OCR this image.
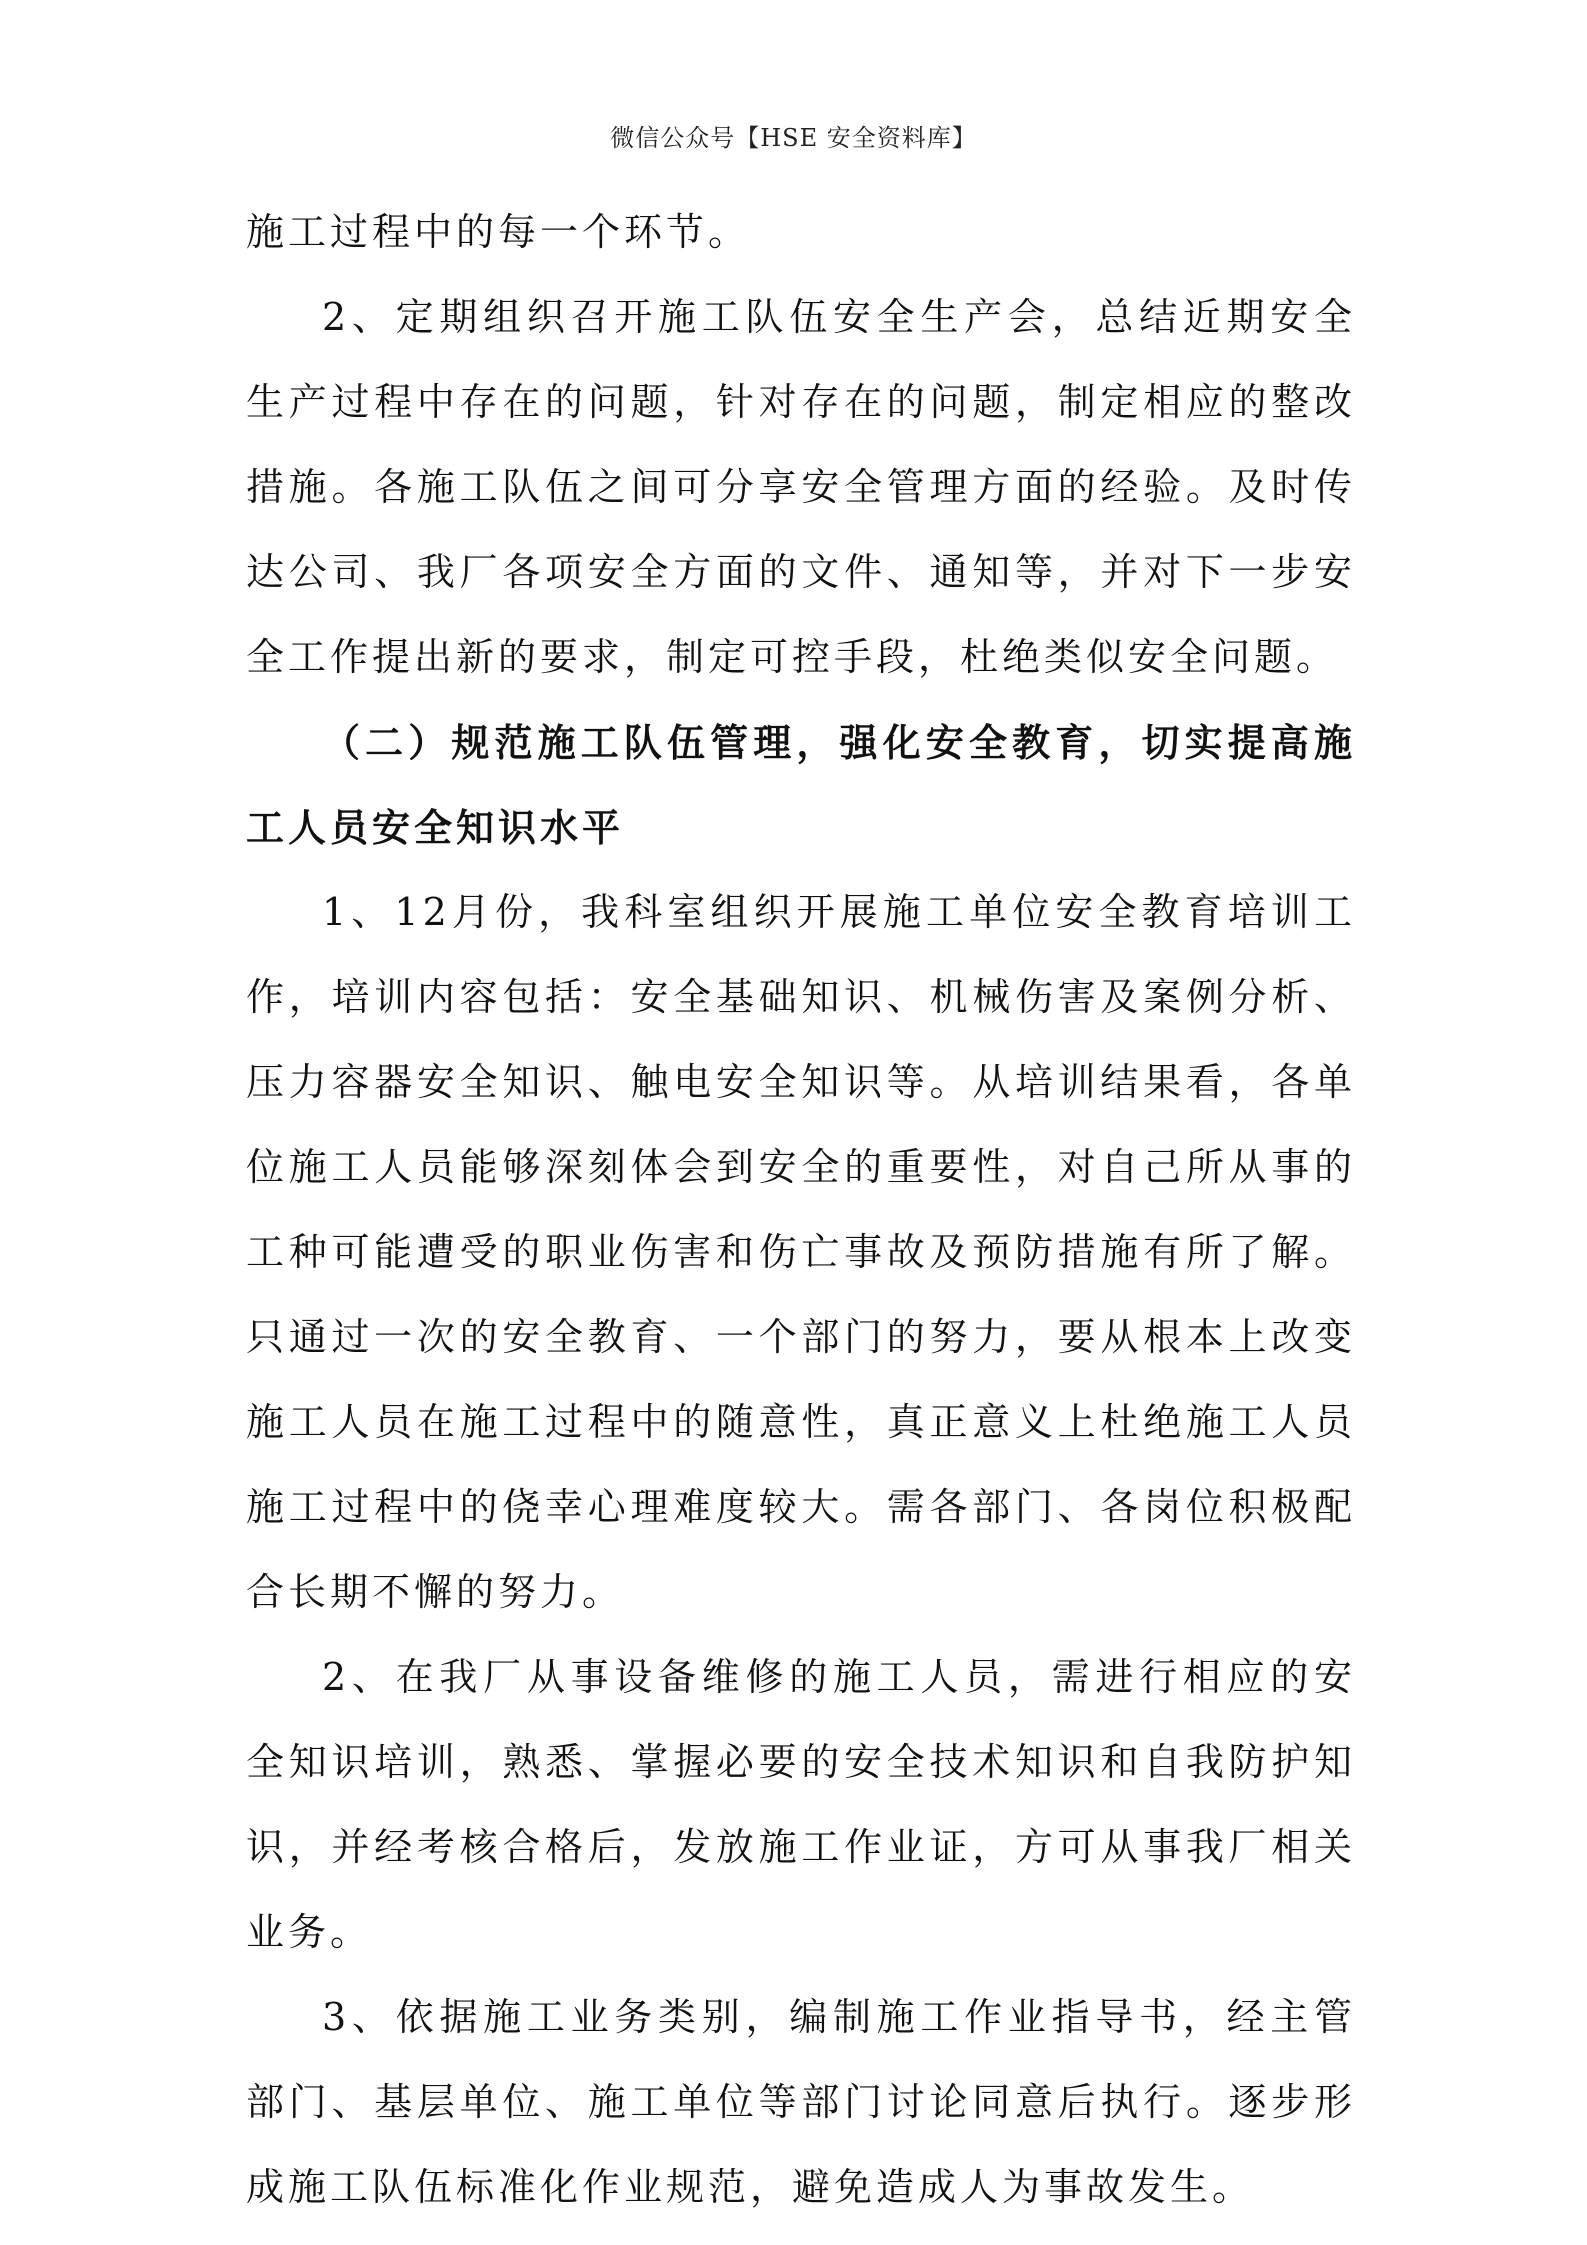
微信公众号【HSE 安全资料库】

施工过程中的每一个环节。

2、定期组织召开施工队伍安全生产会，总结近期安全生产过程中存在的问题，针对存在的问题，制定相应的整改措施。各施工队伍之间可分享安全管理方面的经验。及时传达公司、我厂各项安全方面的文件、通知等，并对下一步安全工作提出新的要求，制定可控手段，杜绝类似安全问题。

（二）规范施工队伍管理，强化安全教育，切实提高施工人员安全知识水平

1、12月份，我科室组织开展施工单位安全教育培训工作，培训内容包括：安全基础知识、机械伤害及案例分析、压力容器安全知识、触电安全知识等。从培训结果看，各单位施工人员能够深刻体会到安全的重要性，对自己所从事的工种可能遭受的职业伤害和伤亡事故及预防措施有所了解。只通过一次的安全教育、一个部门的努力，要从根本上改变施工人员在施工过程中的随意性，真正意义上杜绝施工人员施工过程中的侥幸心理难度较大。需各部门、各岗位积极配合长期不懈的努力。

2、在我厂从事设备维修的施工人员，需进行相应的安全知识培训，熟悉、掌握必要的安全技术知识和自我防护知识，并经考核合格后，发放施工作业证，方可从事我厂相关业务。

3、依据施工业务类别，编制施工作业指导书，经主管部门、基层单位、施工单位等部门讨论同意后执行。逐步形成施工队伍标准化作业规范，避免造成人为事故发生。
